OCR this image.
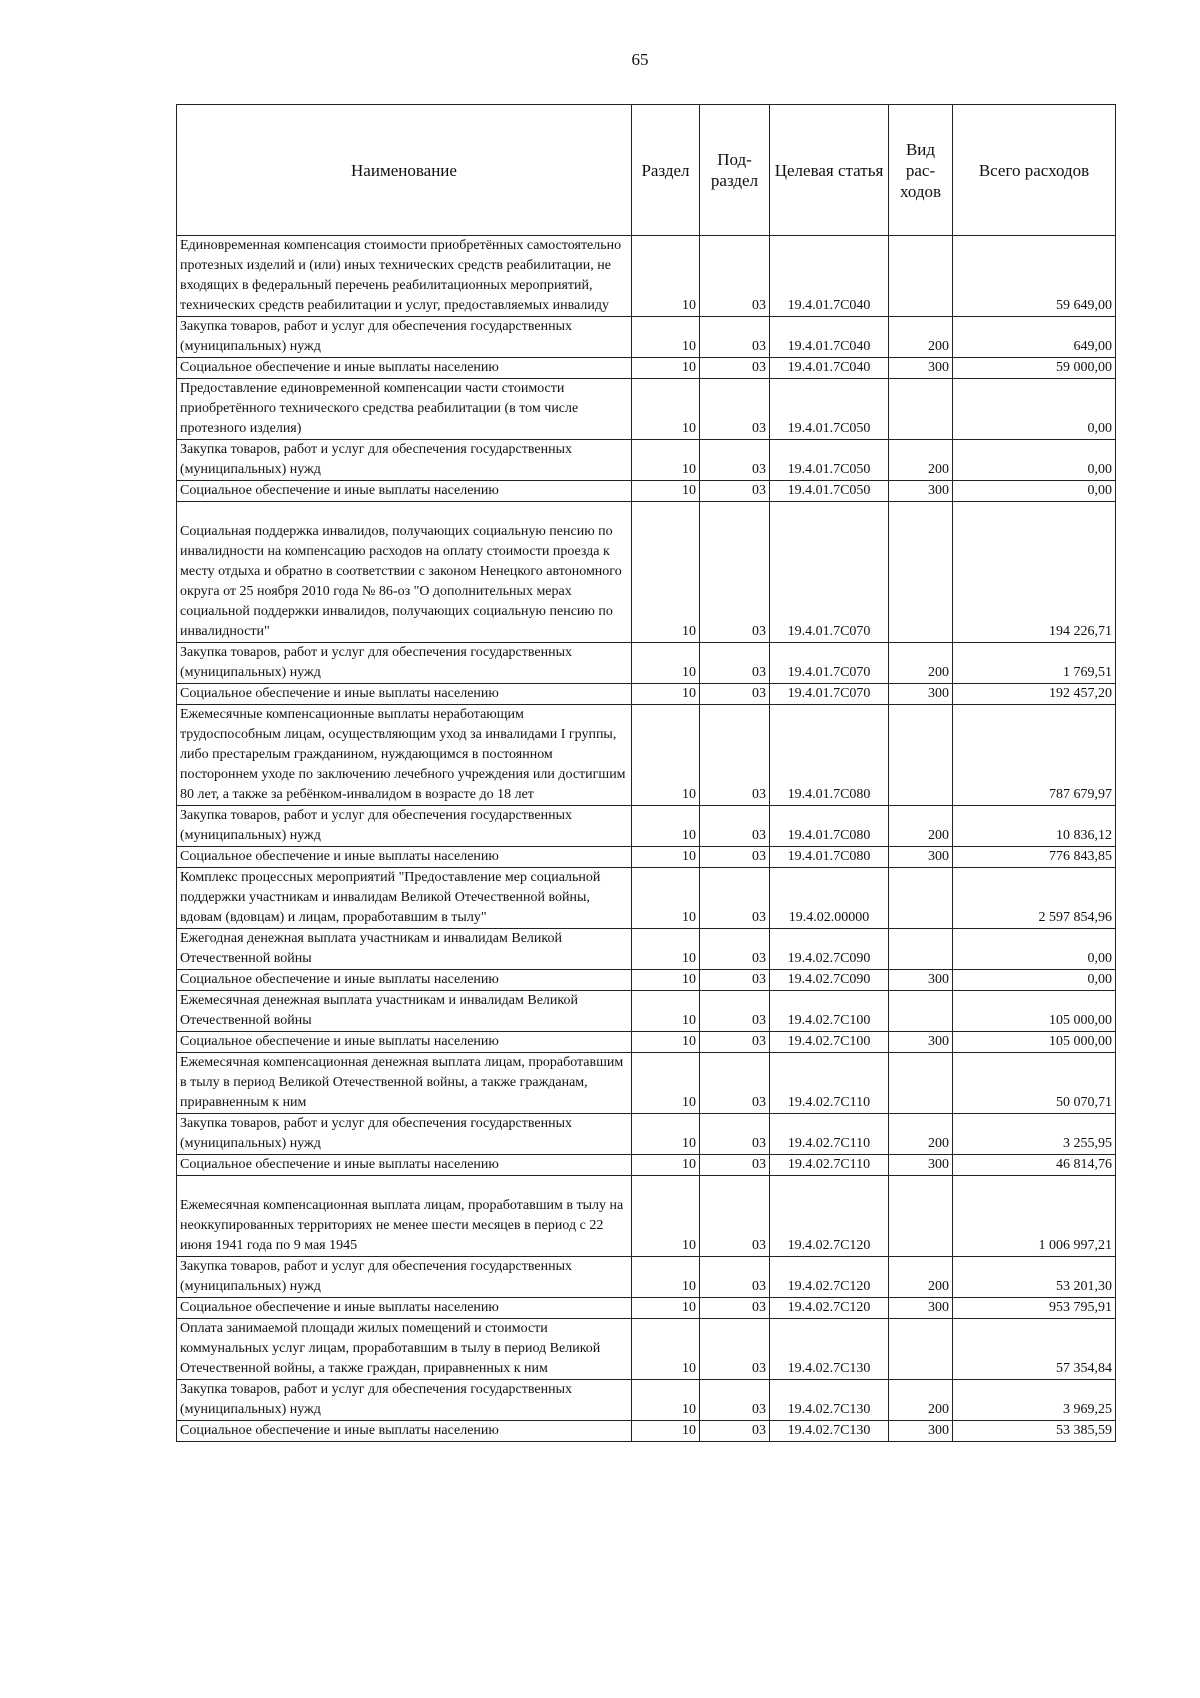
65
Наименование	Раздел	Под-раздел	Целевая статья	Вид рас-ходов	Всего расходов
Единовременная компенсация стоимости приобретённых самостоятельно протезных изделий и (или) иных технических средств реабилитации, не входящих в федеральный перечень реабилитационных мероприятий, технических средств реабилитации и услуг, предоставляемых инвалиду	10	03	19.4.01.7С040		59 649,00
Закупка товаров, работ и услуг для обеспечения государственных (муниципальных) нужд	10	03	19.4.01.7С040	200	649,00
Социальное обеспечение и иные выплаты населению	10	03	19.4.01.7С040	300	59 000,00
Предоставление единовременной компенсации части стоимости приобретённого технического средства реабилитации (в том числе протезного изделия)	10	03	19.4.01.7С050		0,00
Закупка товаров, работ и услуг для обеспечения государственных (муниципальных) нужд	10	03	19.4.01.7С050	200	0,00
Социальное обеспечение и иные выплаты населению	10	03	19.4.01.7С050	300	0,00
Социальная поддержка инвалидов, получающих социальную пенсию по инвалидности на компенсацию расходов на оплату стоимости проезда к месту отдыха и обратно в соответствии с законом Ненецкого автономного округа от 25 ноября 2010 года № 86-оз "О дополнительных мерах социальной поддержки инвалидов, получающих социальную пенсию по инвалидности"	10	03	19.4.01.7С070		194 226,71
Закупка товаров, работ и услуг для обеспечения государственных (муниципальных) нужд	10	03	19.4.01.7С070	200	1 769,51
Социальное обеспечение и иные выплаты населению	10	03	19.4.01.7С070	300	192 457,20
Ежемесячные компенсационные выплаты неработающим трудоспособным лицам, осуществляющим уход за инвалидами I группы, либо престарелым гражданином, нуждающимся в постоянном постороннем уходе по заключению лечебного учреждения или достигшим 80 лет, а также за ребёнком-инвалидом в возрасте до 18 лет	10	03	19.4.01.7С080		787 679,97
Закупка товаров, работ и услуг для обеспечения государственных (муниципальных) нужд	10	03	19.4.01.7С080	200	10 836,12
Социальное обеспечение и иные выплаты населению	10	03	19.4.01.7С080	300	776 843,85
Комплекс процессных мероприятий "Предоставление мер социальной поддержки участникам и инвалидам Великой Отечественной войны, вдовам (вдовцам) и лицам, проработавшим в тылу"	10	03	19.4.02.00000		2 597 854,96
Ежегодная денежная выплата участникам и инвалидам Великой Отечественной войны	10	03	19.4.02.7С090		0,00
Социальное обеспечение и иные выплаты населению	10	03	19.4.02.7С090	300	0,00
Ежемесячная денежная выплата участникам и инвалидам Великой Отечественной войны	10	03	19.4.02.7С100		105 000,00
Социальное обеспечение и иные выплаты населению	10	03	19.4.02.7С100	300	105 000,00
Ежемесячная компенсационная денежная выплата лицам, проработавшим в тылу в период Великой Отечественной войны, а также гражданам, приравненным к ним	10	03	19.4.02.7С110		50 070,71
Закупка товаров, работ и услуг для обеспечения государственных (муниципальных) нужд	10	03	19.4.02.7С110	200	3 255,95
Социальное обеспечение и иные выплаты населению	10	03	19.4.02.7С110	300	46 814,76
Ежемесячная компенсационная выплата лицам, проработавшим в тылу на неоккупированных территориях не менее шести месяцев в период с 22 июня 1941 года по 9 мая 1945	10	03	19.4.02.7С120		1 006 997,21
Закупка товаров, работ и услуг для обеспечения государственных (муниципальных) нужд	10	03	19.4.02.7С120	200	53 201,30
Социальное обеспечение и иные выплаты населению	10	03	19.4.02.7С120	300	953 795,91
Оплата занимаемой площади жилых помещений и стоимости коммунальных услуг лицам, проработавшим в тылу в период Великой Отечественной войны, а также граждан, приравненных к ним	10	03	19.4.02.7С130		57 354,84
Закупка товаров, работ и услуг для обеспечения государственных (муниципальных) нужд	10	03	19.4.02.7С130	200	3 969,25
Социальное обеспечение и иные выплаты населению	10	03	19.4.02.7С130	300	53 385,59
